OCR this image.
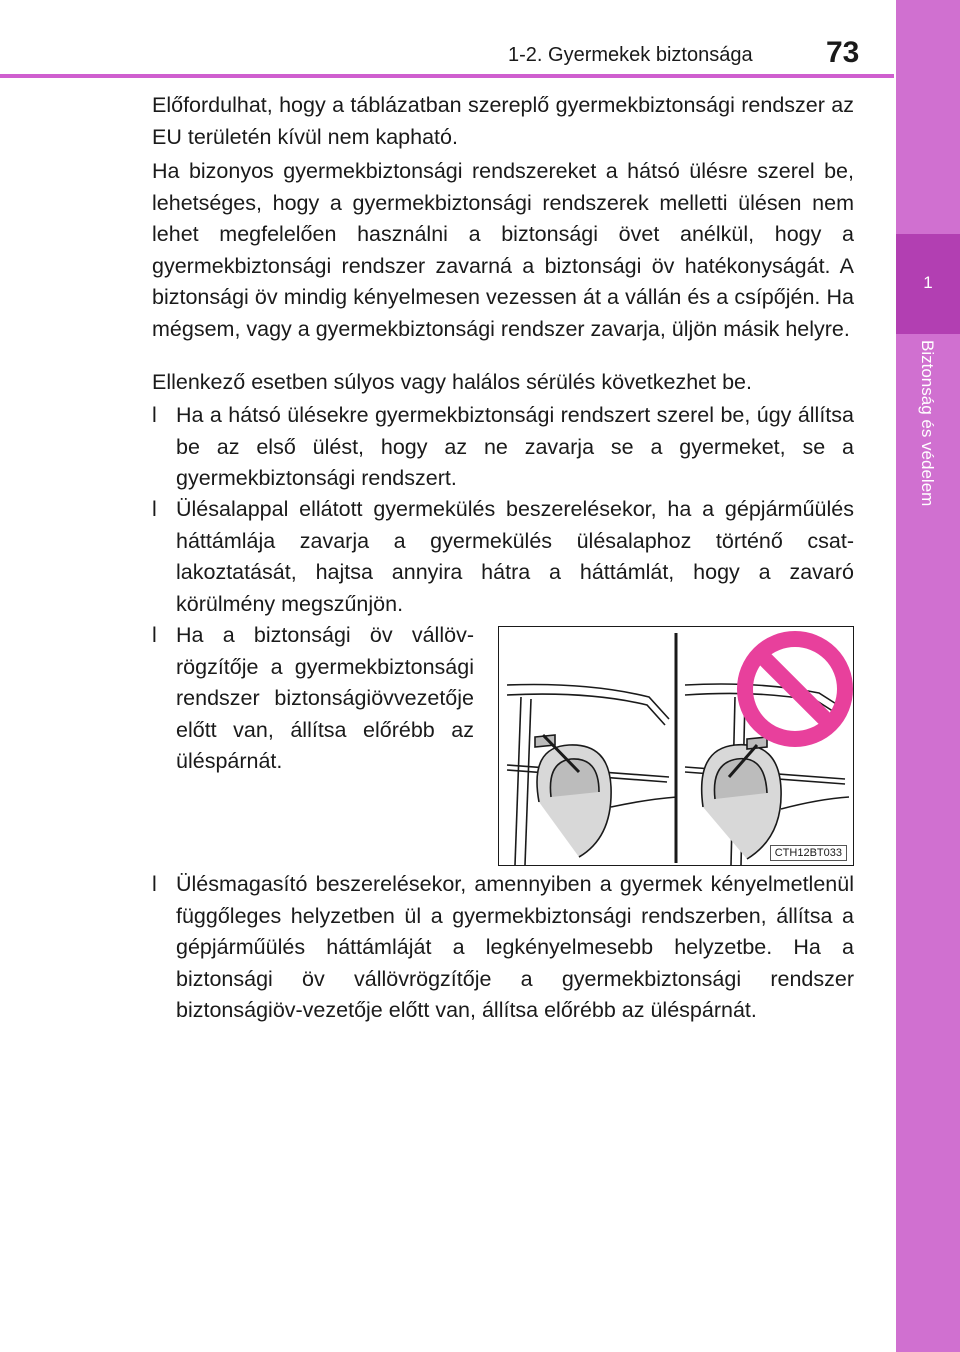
1-2. Gyermekek biztonsága 73
1
Biztonság és védelem
Előfordulhat, hogy a táblázatban szereplő gyermekbiztonsági rendszer az EU területén kívül nem kapható.
Ha bizonyos gyermekbiztonsági rendszereket a hátsó ülésre szerel be, lehetséges, hogy a gyermekbiztonsági rendszerek melletti ülésen nem lehet megfelelően használni a biztonsági övet anélkül, hogy a gyermekbiztonsági rendszer zavarná a biztonsági öv hatékonyságát. A biztonsági öv mindig kényelmesen vezessen át a vállán és a csípőjén. Ha mégsem, vagy a gyermekbiztonsági rendszer zavarja, üljön másik helyre.
Ellenkező esetben súlyos vagy halálos sérülés következhet be.
l Ha a hátsó ülésekre gyermekbiztonsági rendszert szerel be, úgy állítsa be az első ülést, hogy az ne zavarja se a gyermeket, se a gyermekbiztonsági rendszert.
l Ülésalappal ellátott gyermekülés beszerelésekor, ha a gépjárműülés háttámlája zavarja a gyermekülés ülésalaphoz történő csatlakoztatását, hajtsa annyira hátra a háttámlát, hogy a zavaró körülmény megszűnjön.
l Ha a biztonsági öv vállövrögzítője a gyermekbiztonsági rendszer biztonságiövvezetője előtt van, állítsa előrébb az üléspárnát.
CTH12BT033
l Ülésmagasító beszerelésekor, amennyiben a gyermek kényelmetlenül függőleges helyzetben ül a gyermekbiztonsági rendszerben, állítsa a gépjárműülés háttámláját a legkényelmesebb helyzetbe. Ha a biztonsági öv vállövrögzítője a gyermekbiztonsági rendszer biztonságiöv-vezetője előtt van, állítsa előrébb az üléspárnát.
